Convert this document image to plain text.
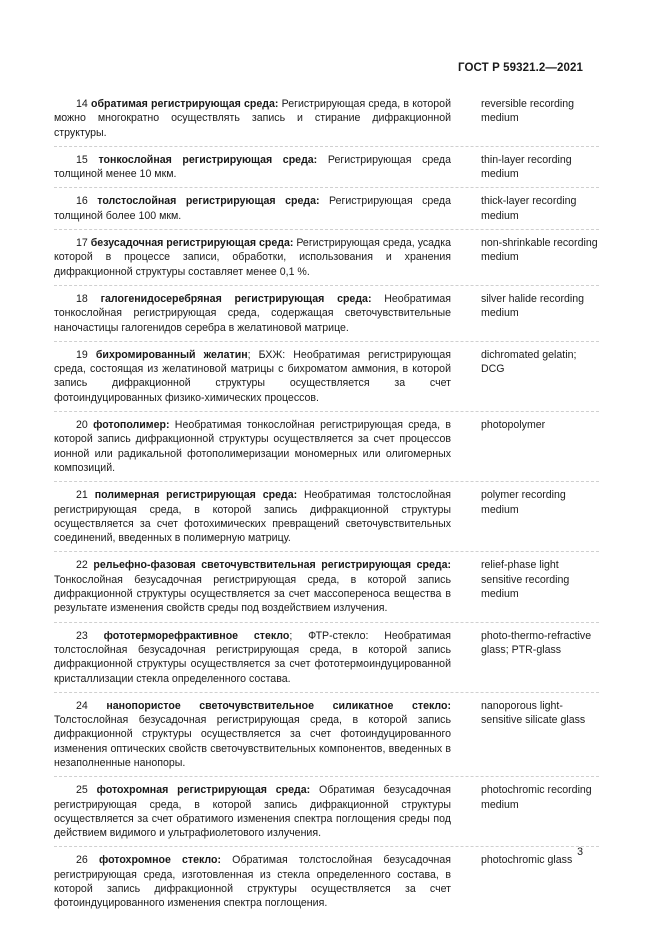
ГОСТ Р 59321.2—2021
14 обратимая регистрирующая среда: Регистрирующая среда, в которой можно многократно осуществлять запись и стирание дифракционной структуры.
reversible recording medium
15 тонкослойная регистрирующая среда: Регистрирующая среда толщиной менее 10 мкм.
thin-layer recording medium
16 толстослойная регистрирующая среда: Регистрирующая среда толщиной более 100 мкм.
thick-layer recording medium
17 безусадочная регистрирующая среда: Регистрирующая среда, усадка которой в процессе записи, обработки, использования и хранения дифракционной структуры составляет менее 0,1 %.
non-shrinkable recording medium
18 галогенидосеребряная регистрирующая среда: Необратимая тонкослойная регистрирующая среда, содержащая светочувствительные наночастицы галогенидов серебра в желатиновой матрице.
silver halide recording medium
19 бихромированный желатин; БХЖ: Необратимая регистрирующая среда, состоящая из желатиновой матрицы с бихроматом аммония, в которой запись дифракционной структуры осуществляется за счет фотоиндуцированных физико-химических процессов.
dichromated gelatin; DCG
20 фотополимер: Необратимая тонкослойная регистрирующая среда, в которой запись дифракционной структуры осуществляется за счет процессов ионной или радикальной фотополимеризации мономерных или олигомерных композиций.
photopolymer
21 полимерная регистрирующая среда: Необратимая толстослойная регистрирующая среда, в которой запись дифракционной структуры осуществляется за счет фотохимических превращений светочувствительных соединений, введенных в полимерную матрицу.
polymer recording medium
22 рельефно-фазовая светочувствительная регистрирующая среда: Тонкослойная безусадочная регистрирующая среда, в которой запись дифракционной структуры осуществляется за счет массопереноса вещества в результате изменения свойств среды под воздействием излучения.
relief-phase light sensitive recording medium
23 фототерморефрактивное стекло; ФТР-стекло: Необратимая толстослойная безусадочная регистрирующая среда, в которой запись дифракционной структуры осуществляется за счет фототермоиндуцированной кристаллизации стекла определенного состава.
photo-thermo-refractive glass; PTR-glass
24 нанопористое светочувствительное силикатное стекло: Толстослойная безусадочная регистрирующая среда, в которой запись дифракционной структуры осуществляется за счет фотоиндуцированного изменения оптических свойств светочувствительных компонентов, введенных в незаполненные нанопоры.
nanoporous light-sensitive silicate glass
25 фотохромная регистрирующая среда: Обратимая безусадочная регистрирующая среда, в которой запись дифракционной структуры осуществляется за счет обратимого изменения спектра поглощения среды под действием видимого и ультрафиолетового излучения.
photochromic recording medium
26 фотохромное стекло: Обратимая толстослойная безусадочная регистрирующая среда, изготовленная из стекла определенного состава, в которой запись дифракционной структуры осуществляется за счет фотоиндуцированного изменения спектра поглощения.
photochromic glass
3
